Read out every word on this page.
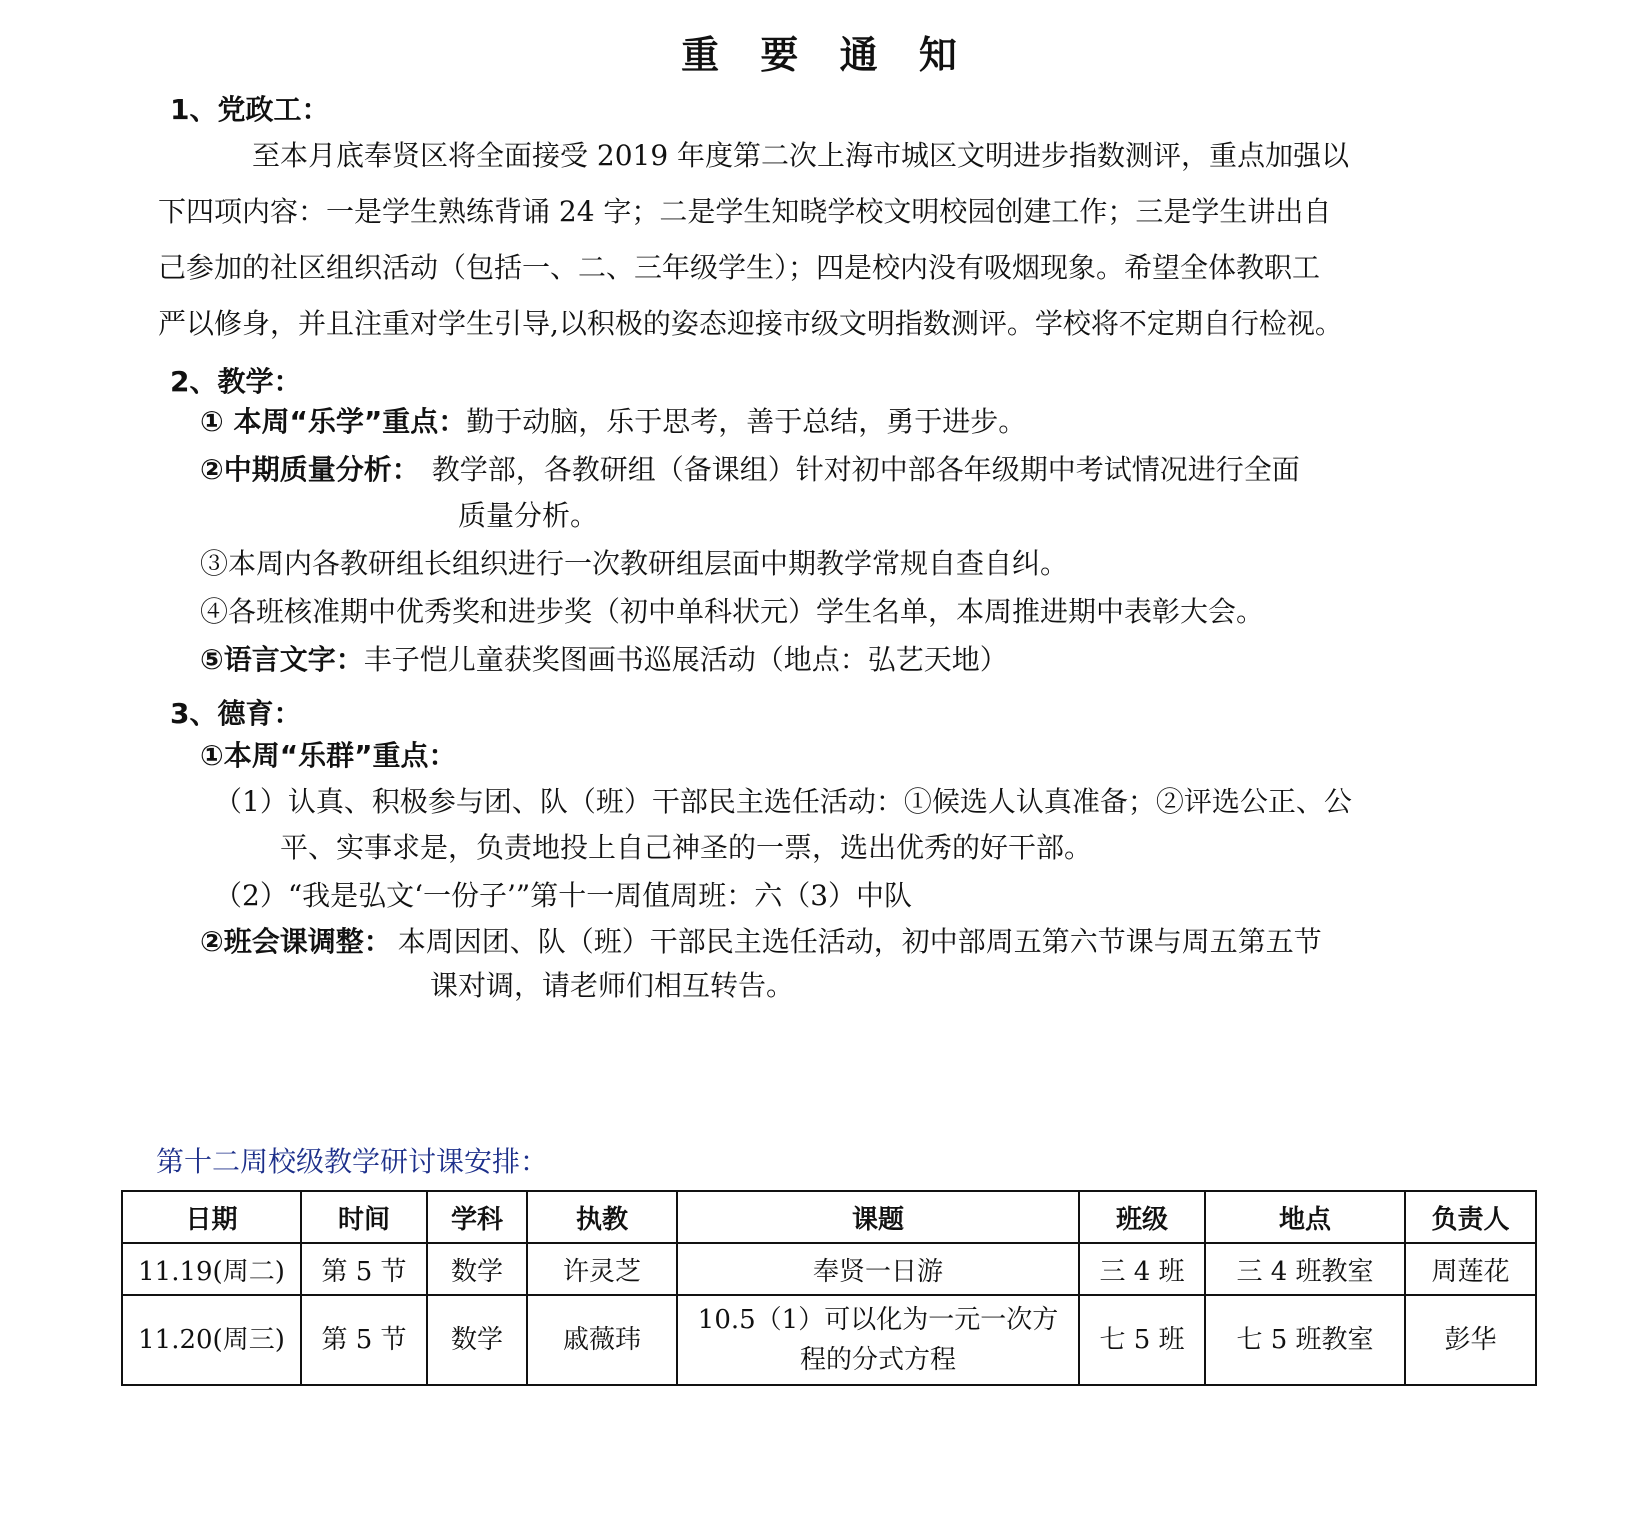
重 要 通 知
1、党政工：
至本月底奉贤区将全面接受 2019 年度第二次上海市城区文明进步指数测评，重点加强以
下四项内容：一是学生熟练背诵 24 字；二是学生知晓学校文明校园创建工作；三是学生讲出自
己参加的社区组织活动（包括一、二、三年级学生）；四是校内没有吸烟现象。希望全体教职工
严以修身，并且注重对学生引导,以积极的姿态迎接市级文明指数测评。学校将不定期自行检视。
2、教学：
① 本周“乐学”重点：勤于动脑，乐于思考，善于总结，勇于进步。
②中期质量分析： 教学部，各教研组（备课组）针对初中部各年级期中考试情况进行全面
质量分析。
③本周内各教研组长组织进行一次教研组层面中期教学常规自查自纠。
④各班核准期中优秀奖和进步奖（初中单科状元）学生名单，本周推进期中表彰大会。
⑤语言文字：丰子恺儿童获奖图画书巡展活动（地点：弘艺天地）
3、德育：
①本周“乐群”重点：
（1）认真、积极参与团、队（班）干部民主选任活动：①候选人认真准备；②评选公正、公
平、实事求是，负责地投上自己神圣的一票，选出优秀的好干部。
（2）“我是弘文‘一份子’”第十一周值周班：六（3）中队
②班会课调整： 本周因团、队（班）干部民主选任活动，初中部周五第六节课与周五第五节
课对调，请老师们相互转告。
第十二周校级教学研讨课安排：
日期	时间	学科	执教	课题	班级	地点	负责人
11.19(周二)	第 5 节	数学	许灵芝	奉贤一日游	三 4 班	三 4 班教室	周莲花
11.20(周三)	第 5 节	数学	戚薇玮	10.5（1）可以化为一元一次方
程的分式方程	七 5 班	七 5 班教室	彭华
